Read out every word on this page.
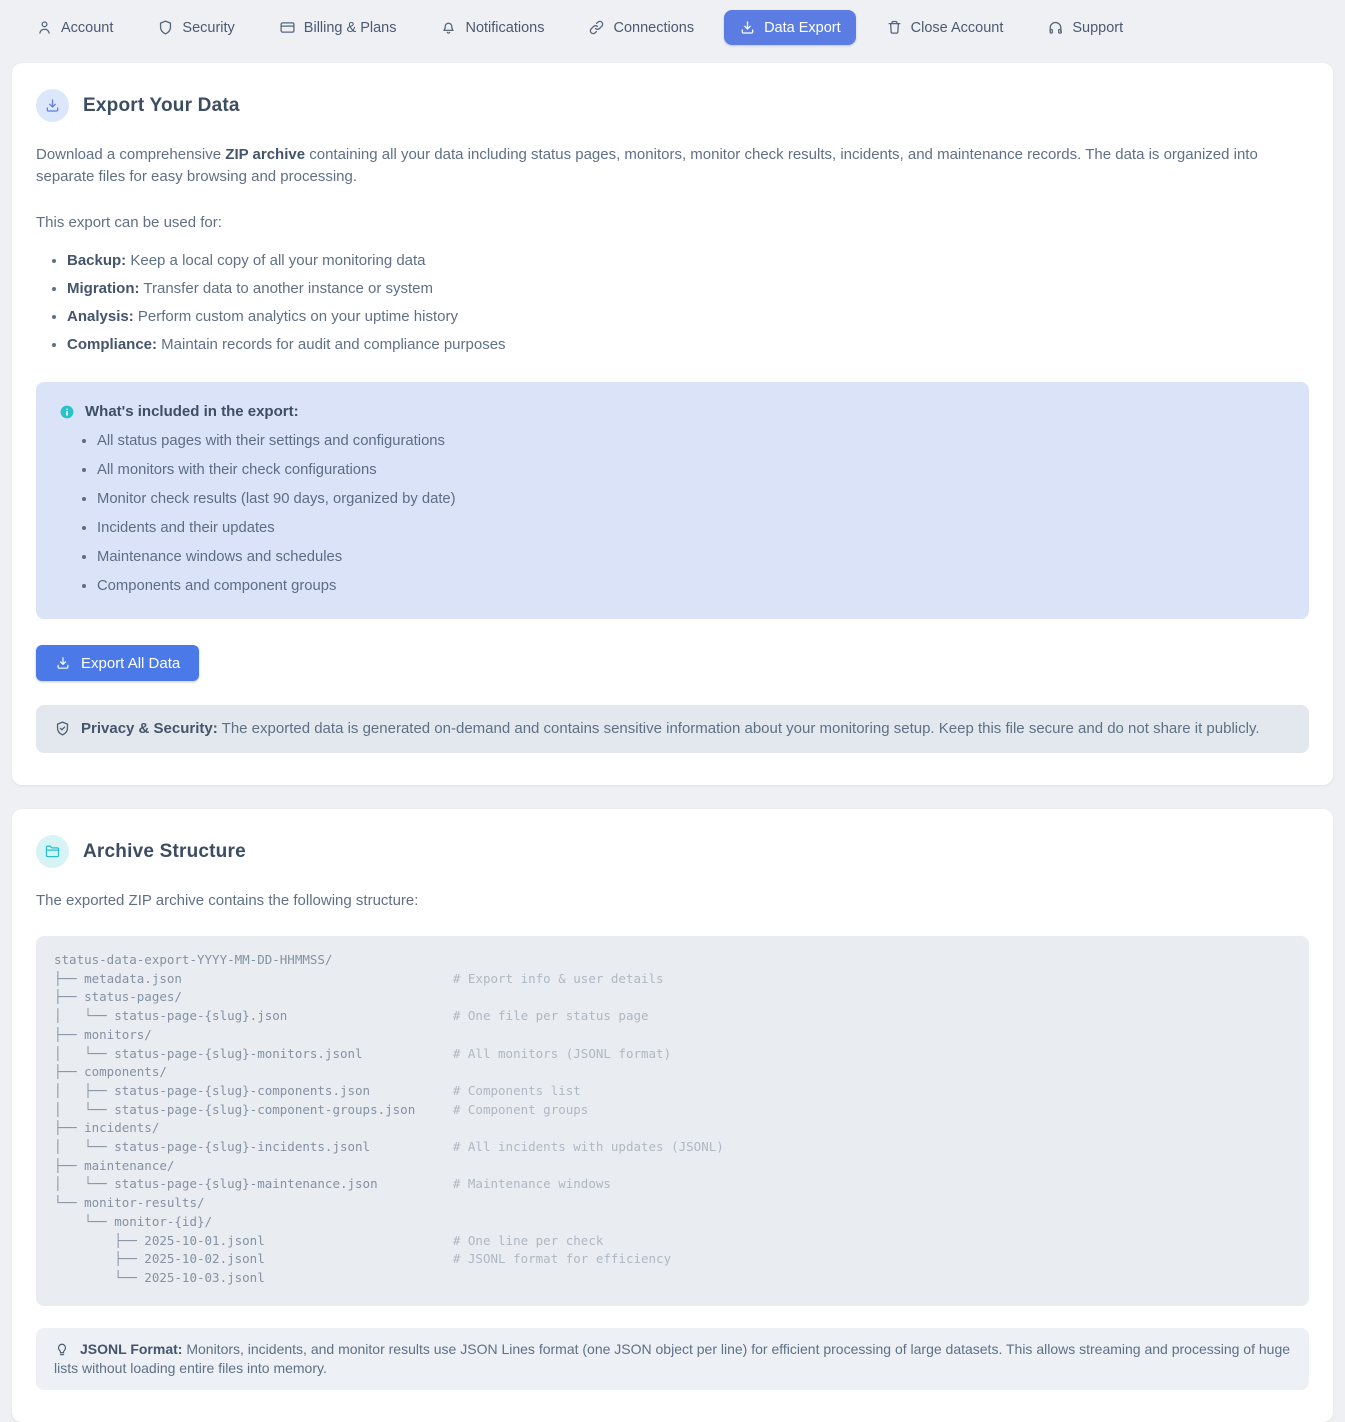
Account	Security	Billing & Plans	Notifications	Connections	Data Export	Close Account	Support
Export Your Data

Download a comprehensive ZIP archive containing all your data including status pages, monitors, monitor check results, incidents, and maintenance records. The data is organized into separate files for easy browsing and processing.

This export can be used for:

• Backup: Keep a local copy of all your monitoring data
• Migration: Transfer data to another instance or system
• Analysis: Perform custom analytics on your uptime history
• Compliance: Maintain records for audit and compliance purposes
What's included in the export:
• All status pages with their settings and configurations
• All monitors with their check configurations
• Monitor check results (last 90 days, organized by date)
• Incidents and their updates
• Maintenance windows and schedules
• Components and component groups
Export All Data
Privacy & Security: The exported data is generated on-demand and contains sensitive information about your monitoring setup. Keep this file secure and do not share it publicly.
Archive Structure

The exported ZIP archive contains the following structure:

status-data-export-YYYY-MM-DD-HHMMSS/
├── metadata.json                                    # Export info & user details
├── status-pages/
│   └── status-page-{slug}.json                      # One file per status page
├── monitors/
│   └── status-page-{slug}-monitors.jsonl            # All monitors (JSONL format)
├── components/
│   ├── status-page-{slug}-components.json           # Components list
│   └── status-page-{slug}-component-groups.json     # Component groups
├── incidents/
│   └── status-page-{slug}-incidents.jsonl           # All incidents with updates (JSONL)
├── maintenance/
│   └── status-page-{slug}-maintenance.json          # Maintenance windows
└── monitor-results/
└── monitor-{id}/
├── 2025-10-01.jsonl                         # One line per check
├── 2025-10-02.jsonl                         # JSONL format for efficiency
└── 2025-10-03.jsonl
JSONL Format: Monitors, incidents, and monitor results use JSON Lines format (one JSON object per line) for efficient processing of large datasets. This allows streaming and processing of huge lists without loading entire files into memory.
